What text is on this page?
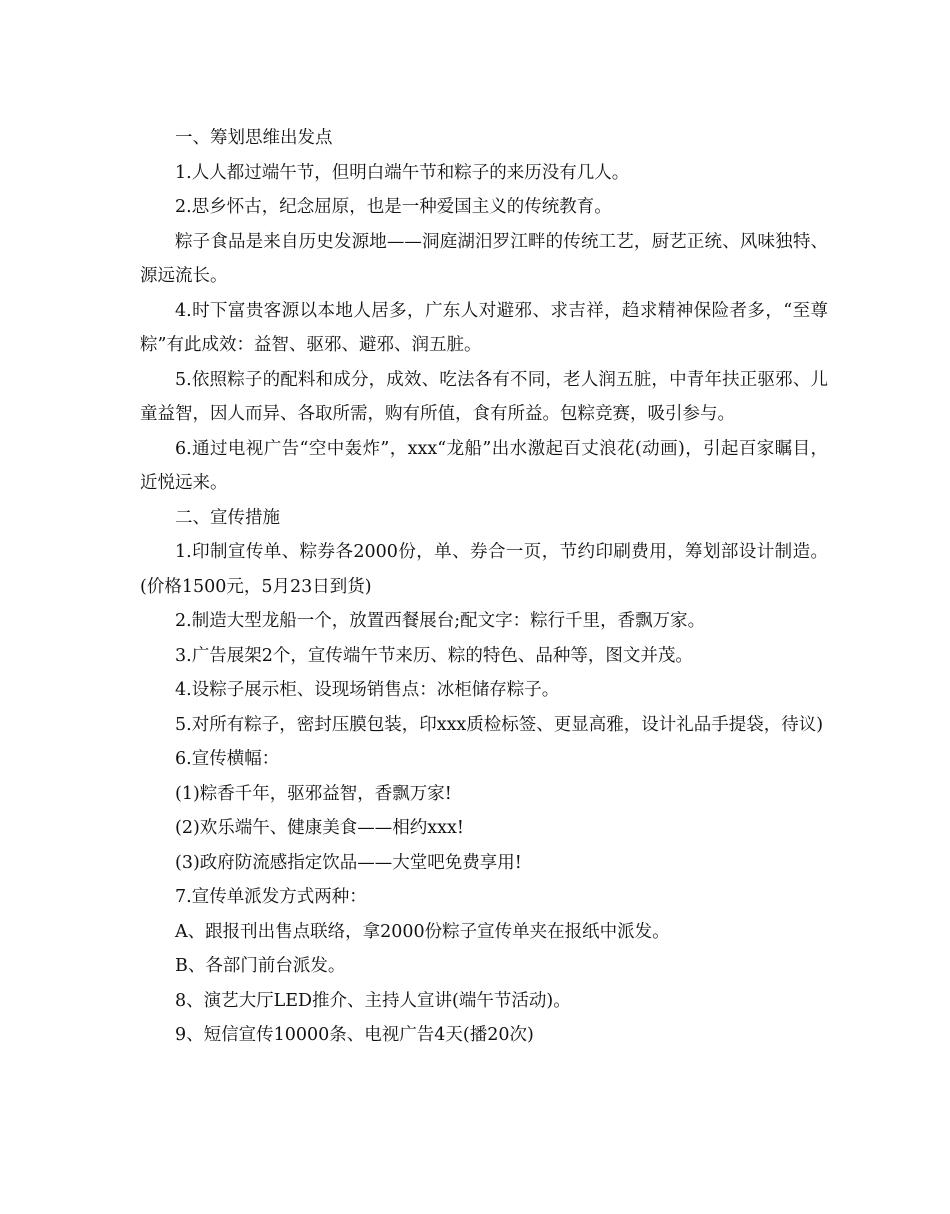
一、筹划思维出发点

1.人人都过端午节，但明白端午节和粽子的来历没有几人。

2.思乡怀古，纪念屈原，也是一种爱国主义的传统教育。

粽子食品是来自历史发源地——洞庭湖汨罗江畔的传统工艺，厨艺正统、风味独特、源远流长。

4.时下富贵客源以本地人居多，广东人对避邪、求吉祥，趋求精神保险者多，“至尊粽”有此成效：益智、驱邪、避邪、润五脏。

5.依照粽子的配料和成分，成效、吃法各有不同，老人润五脏，中青年扶正驱邪、儿童益智，因人而异、各取所需，购有所值，食有所益。包粽竞赛，吸引参与。

6.通过电视广告“空中轰炸”，xxx“龙船”出水激起百丈浪花(动画)，引起百家瞩目，近悦远来。

二、宣传措施

1.印制宣传单、粽券各2000份，单、券合一页，节约印刷费用，筹划部设计制造。(价格1500元，5月23日到货)

2.制造大型龙船一个，放置西餐展台;配文字：粽行千里，香飘万家。

3.广告展架2个，宣传端午节来历、粽的特色、品种等，图文并茂。

4.设粽子展示柜、设现场销售点：冰柜储存粽子。

5.对所有粽子，密封压膜包装，印xxx质检标签、更显高雅，设计礼品手提袋，待议)

6.宣传横幅：

(1)粽香千年，驱邪益智，香飘万家!

(2)欢乐端午、健康美食——相约xxx!

(3)政府防流感指定饮品——大堂吧免费享用!

7.宣传单派发方式两种：

A、跟报刊出售点联络，拿2000份粽子宣传单夹在报纸中派发。

B、各部门前台派发。

8、演艺大厅LED推介、主持人宣讲(端午节活动)。

9、短信宣传10000条、电视广告4天(播20次)
